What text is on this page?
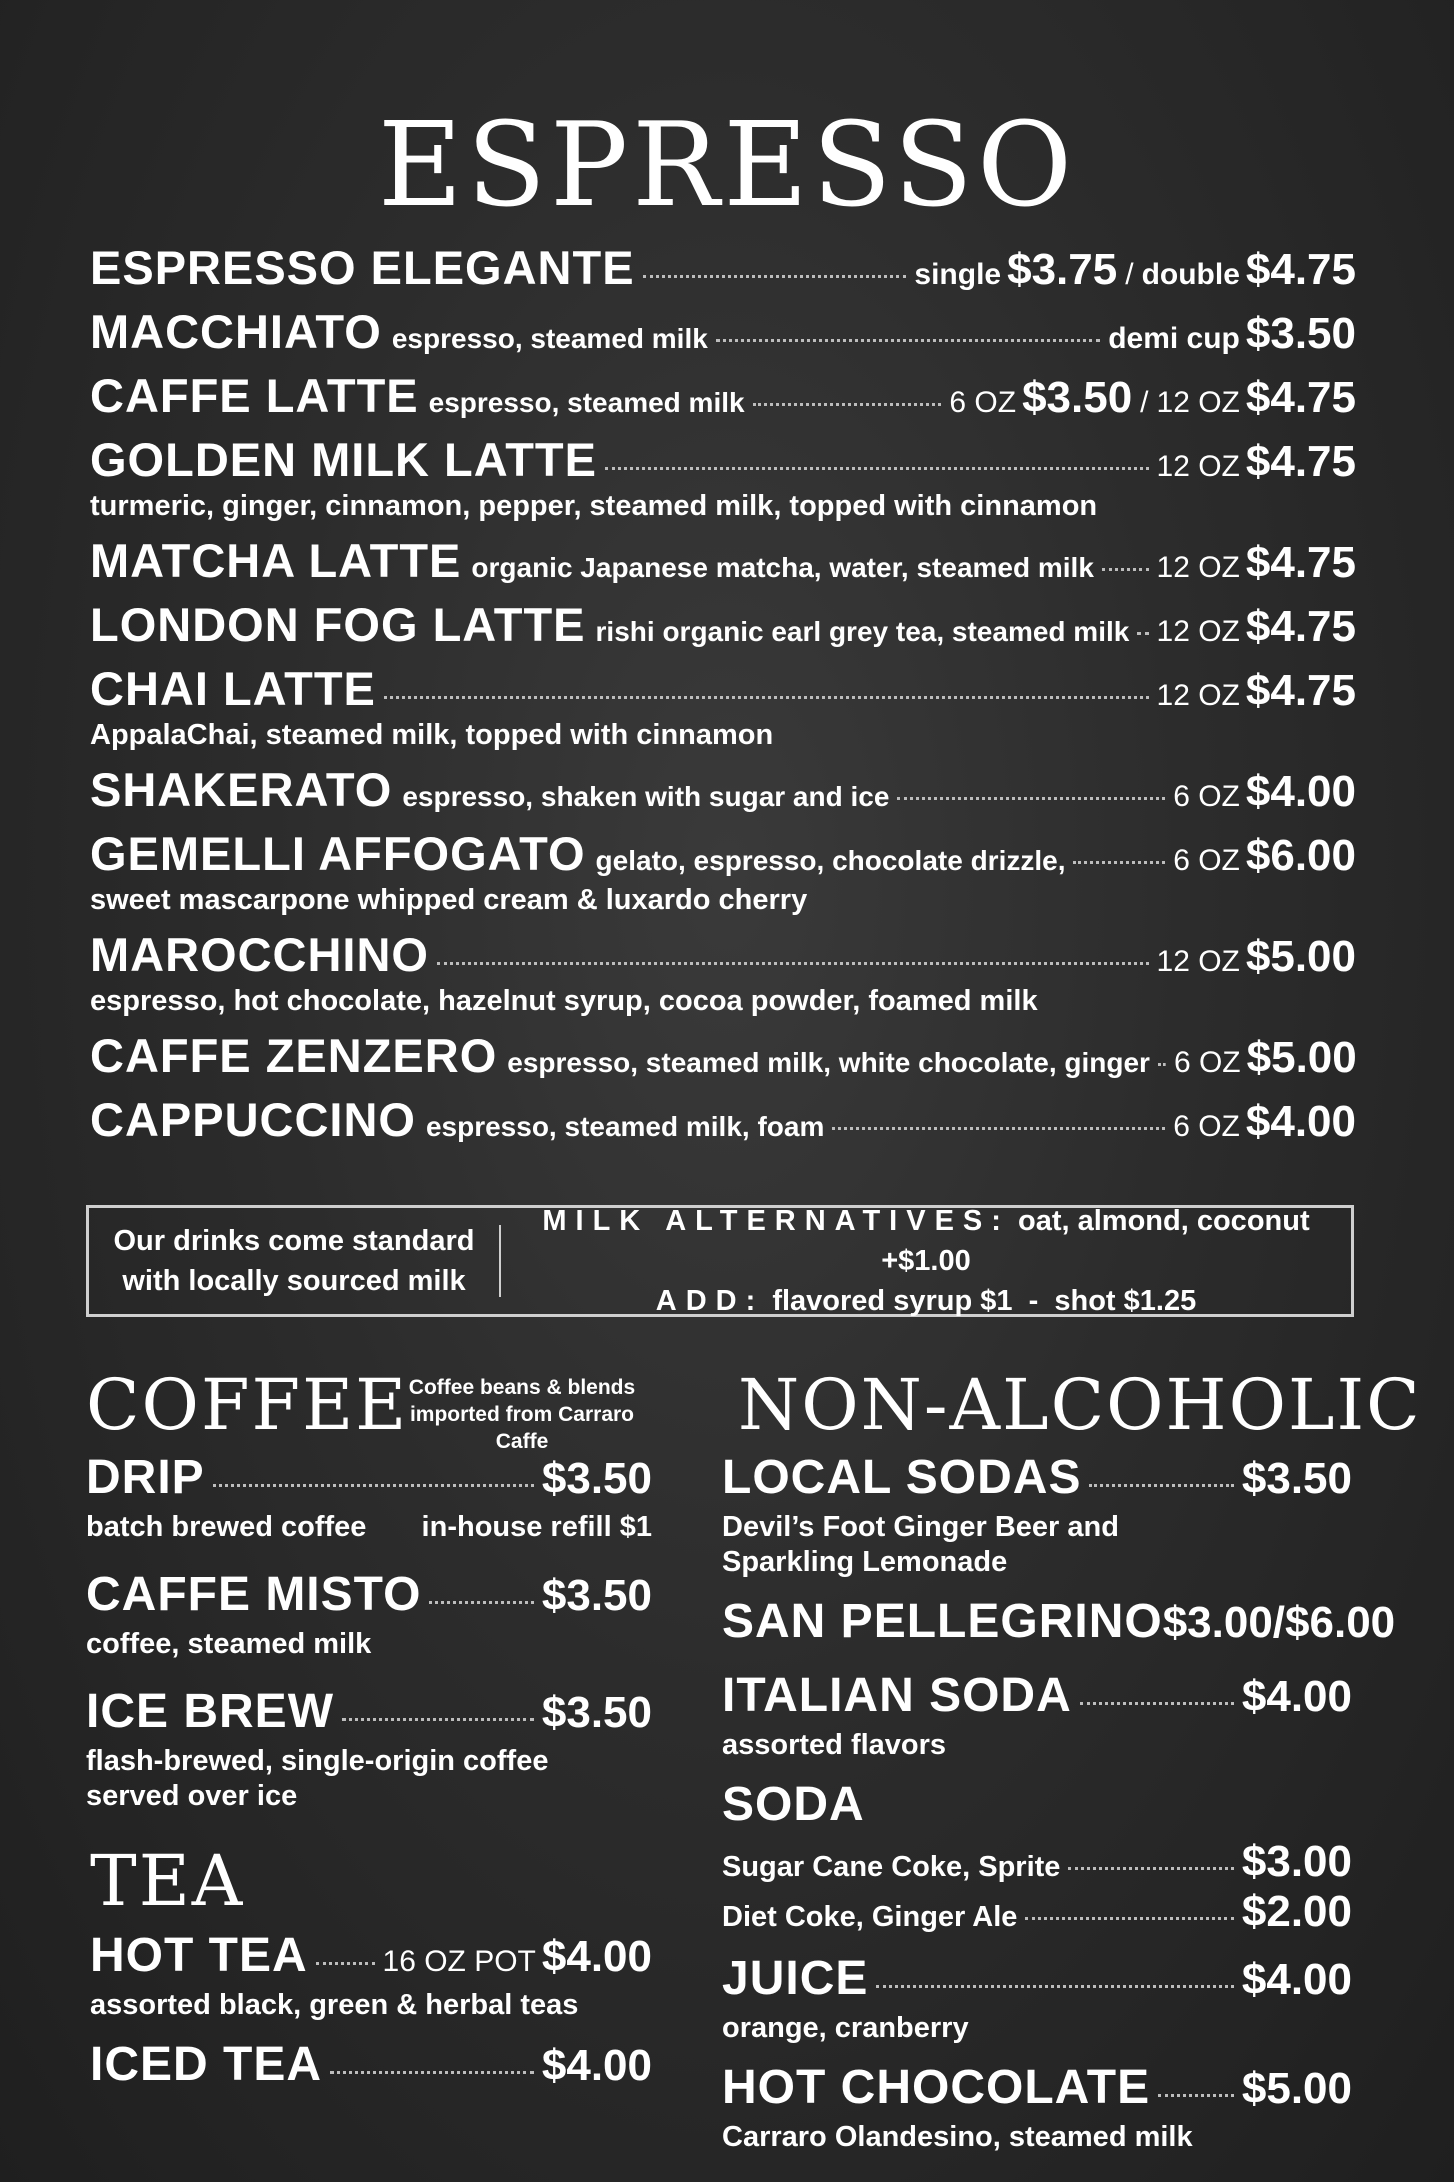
ESPRESSO
ESPRESSO ELEGANTE	single $3.75 / double $4.75
MACCHIATO espresso, steamed milk	demi cup $3.50
CAFFE LATTE espresso, steamed milk	6 OZ $3.50 / 12 OZ $4.75
GOLDEN MILK LATTE	12 OZ $4.75
turmeric, ginger, cinnamon, pepper, steamed milk, topped with cinnamon
MATCHA LATTE organic Japanese matcha, water, steamed milk 12 OZ $4.75
LONDON FOG LATTE rishi organic earl grey tea, steamed milk 12 OZ $4.75
CHAI LATTE	12 OZ $4.75
AppalaChai, steamed milk, topped with cinnamon
SHAKERATO espresso, shaken with sugar and ice	6 OZ $4.00
GEMELLI AFFOGATO gelato, espresso, chocolate drizzle,	6 OZ $6.00
sweet mascarpone whipped cream & luxardo cherry
MAROCCHINO	12 OZ $5.00
espresso, hot chocolate, hazelnut syrup, cocoa powder, foamed milk
CAFFE ZENZERO espresso, steamed milk, white chocolate, ginger 6 OZ $5.00
CAPPUCCINO espresso, steamed milk, foam	6 OZ $4.00
Our drinks come standard
with locally sourced milk
MILK ALTERNATIVES: oat, almond, coconut +$1.00
ADD: flavored syrup $1  -  shot $1.25
COFFEE Coffee beans & blends
imported from Carraro Caffe
DRIP	$3.50
batch brewed coffee in-house refill $1
CAFFE MISTO	$3.50
coffee, steamed milk
ICE BREW	$3.50
flash-brewed, single-origin coffee
served over ice
TEA
HOT TEA 16 OZ POT $4.00
assorted black, green & herbal teas
ICED TEA	$4.00
NON-ALCOHOLIC
LOCAL SODAS	$3.50
Devil’s Foot Ginger Beer and
Sparkling Lemonade
SAN PELLEGRINO $3.00/$6.00
ITALIAN SODA	$4.00
assorted flavors
SODA
Sugar Cane Coke, Sprite	$3.00
Diet Coke, Ginger Ale	$2.00
JUICE	$4.00
orange, cranberry
HOT CHOCOLATE $5.00
Carraro Olandesino, steamed milk
